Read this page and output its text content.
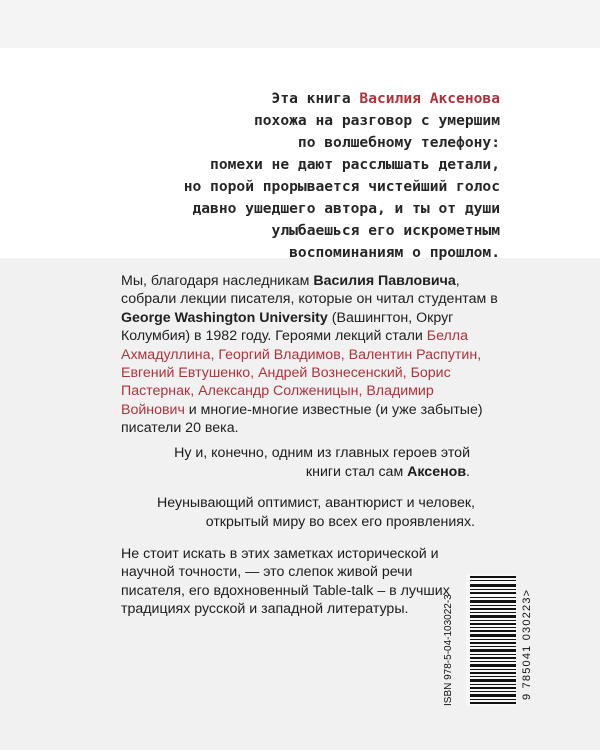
Эта книга Василия Аксенова
похожа на разговор с умершим
по волшебному телефону:
помехи не дают расслышать детали,
но порой прорывается чистейший голос
давно ушедшего автора, и ты от души
улыбаешься его искрометным
воспоминаниям о прошлом.
Мы, благодаря наследникам Василия Павловича, собрали лекции писателя, которые он читал студентам в George Washington University (Вашингтон, Округ Колумбия) в 1982 году. Героями лекций стали Белла Ахмадуллина, Георгий Владимов, Валентин Распутин, Евгений Евтушенко, Андрей Вознесенский, Борис Пастернак, Александр Солженицын, Владимир Войнович и многие-многие известные (и уже забытые) писатели 20 века.
Ну и, конечно, одним из главных героев этой книги стал сам Аксенов.
Неунывающий оптимист, авантюрист и человек, открытый миру во всех его проявлениях.
Не стоит искать в этих заметках исторической и научной точности, — это слепок живой речи писателя, его вдохновенный Table-talk – в лучших традициях русской и западной литературы.	ISBN 978-5-04-103022-3	9 785041 030223>
